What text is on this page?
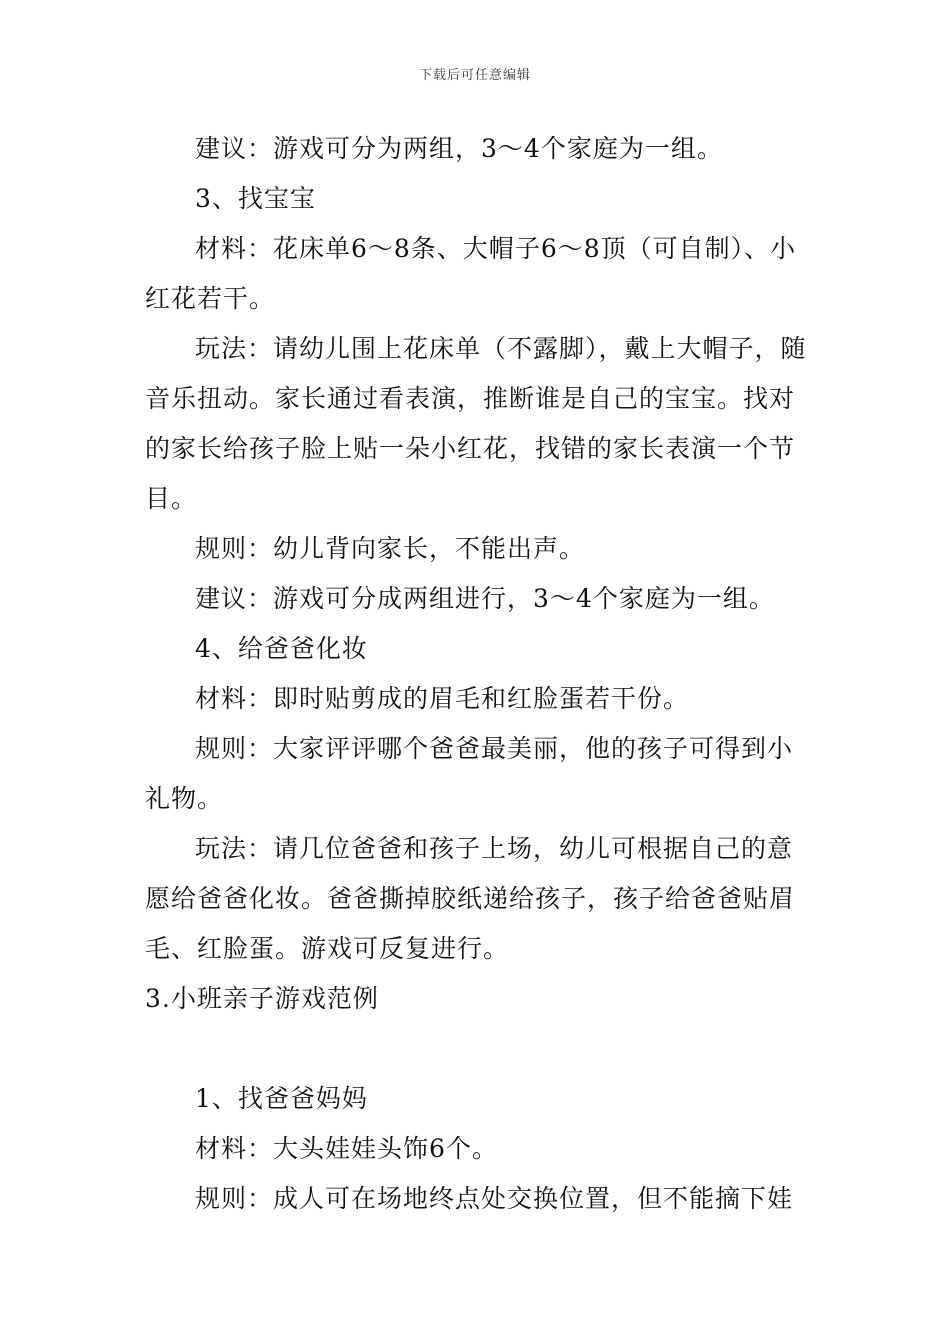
下载后可任意编辑

建议：游戏可分为两组，3～4个家庭为一组。

3、找宝宝

材料：花床单6～8条、大帽子6～8顶（可自制）、小红花若干。

玩法：请幼儿围上花床单（不露脚），戴上大帽子，随音乐扭动。家长通过看表演，推断谁是自己的宝宝。找对的家长给孩子脸上贴一朵小红花，找错的家长表演一个节目。

规则：幼儿背向家长，不能出声。

建议：游戏可分成两组进行，3～4个家庭为一组。

4、给爸爸化妆

材料：即时贴剪成的眉毛和红脸蛋若干份。

规则：大家评评哪个爸爸最美丽，他的孩子可得到小礼物。

玩法：请几位爸爸和孩子上场，幼儿可根据自己的意愿给爸爸化妆。爸爸撕掉胶纸递给孩子，孩子给爸爸贴眉毛、红脸蛋。游戏可反复进行。

3.小班亲子游戏范例

1、找爸爸妈妈

材料：大头娃娃头饰6个。

规则：成人可在场地终点处交换位置，但不能摘下娃
